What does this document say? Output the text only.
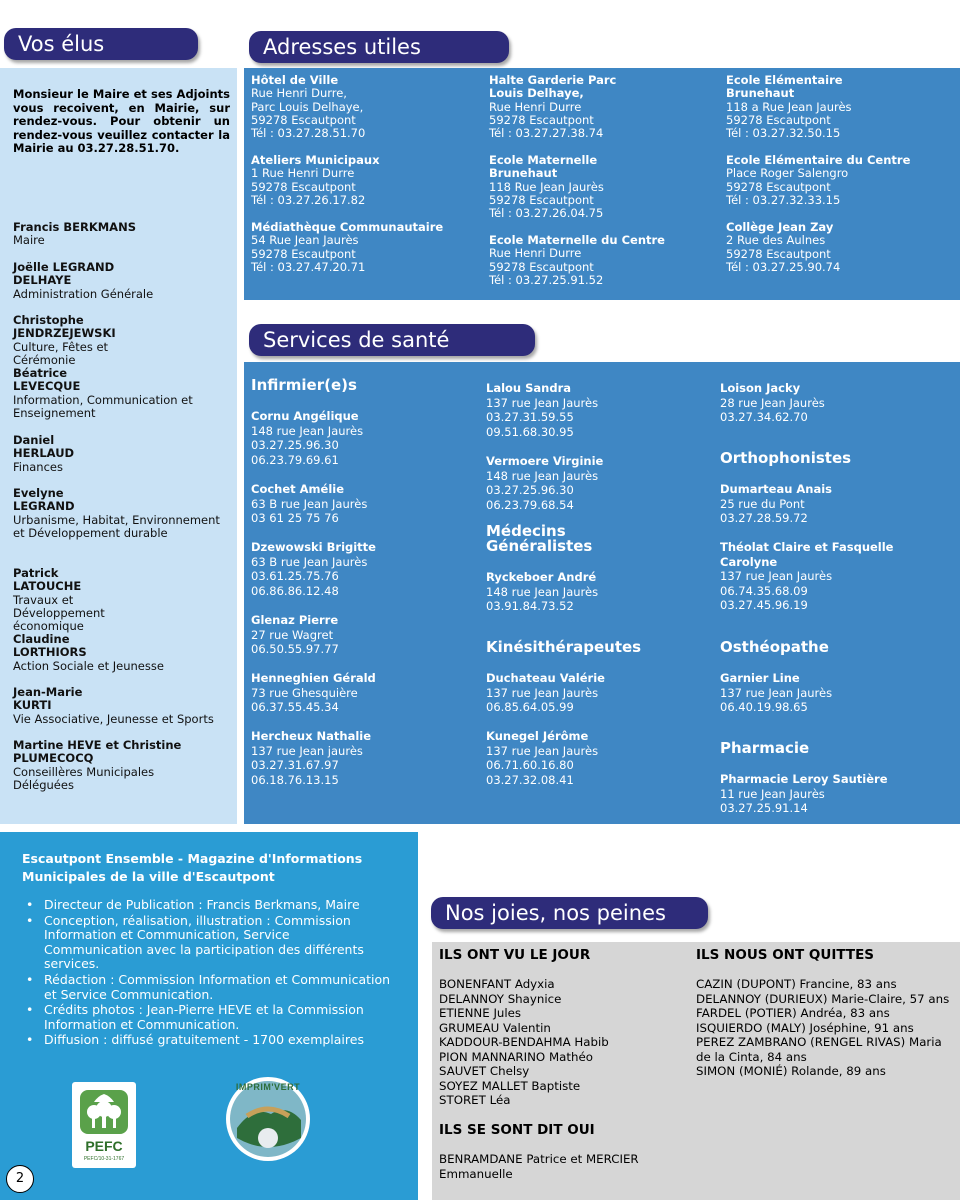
Vos élus	Adresses utiles
Services de santé
Nos joies, nos peines
Monsieur le Maire et ses Adjoints vous recoivent, en Mairie, sur rendez-vous. Pour obtenir un rendez-vous veuillez contacter la Mairie au 03.27.28.51.70.
Francis BERKMANS
Maire
Joëlle LEGRAND DELHAYE
Administration Générale
Christophe JENDRZEJEWSKI
Culture, Fêtes et Cérémonie
Béatrice LEVECQUE
Information, Communication et Enseignement
Daniel HERLAUD
Finances
Evelyne LEGRAND
Urbanisme, Habitat, Environnement et Développement durable
Patrick LATOUCHE
Travaux et Développement économique
Claudine LORTHIORS
Action Sociale et Jeunesse
Jean-Marie KURTI
Vie Associative, Jeunesse et Sports
Martine HEVE et Christine PLUMECOCQ
Conseillères Municipales Déléguées
Hôtel de Ville
Rue Henri Durre,
Parc Louis Delhaye,
59278 Escautpont
Tél : 03.27.28.51.70
Ateliers Municipaux
1 Rue Henri Durre
59278 Escautpont
Tél : 03.27.26.17.82
Médiathèque Communautaire
54 Rue Jean Jaurès
59278 Escautpont
Tél : 03.27.47.20.71
Halte Garderie Parc Louis Delhaye,
Rue Henri Durre
59278 Escautpont
Tél : 03.27.27.38.74
Ecole Maternelle Brunehaut
118 Rue Jean Jaurès
59278 Escautpont
Tél : 03.27.26.04.75
Ecole Maternelle du Centre
Rue Henri Durre
59278 Escautpont
Tél : 03.27.25.91.52
Ecole Elémentaire Brunehaut
118 a Rue Jean Jaurès
59278 Escautpont
Tél : 03.27.32.50.15
Ecole Elémentaire du Centre
Place Roger Salengro
59278 Escautpont
Tél : 03.27.32.33.15
Collège Jean Zay
2 Rue des Aulnes
59278 Escautpont
Tél : 03.27.25.90.74
Infirmier(e)s
Cornu Angélique
148 rue Jean Jaurès
03.27.25.96.30
06.23.79.69.61
Cochet Amélie
63 B rue Jean Jaurès
03 61 25 75 76
Dzewowski Brigitte
63 B rue Jean Jaurès
03.61.25.75.76
06.86.86.12.48
Glenaz Pierre
27 rue Wagret
06.50.55.97.77
Henneghien Gérald
73 rue Ghesquière
06.37.55.45.34
Hercheux Nathalie
137 rue Jean jaurès
03.27.31.67.97
06.18.76.13.15
Lalou Sandra
137 rue Jean Jaurès
03.27.31.59.55
09.51.68.30.95
Vermoere Virginie
148 rue Jean Jaurès
03.27.25.96.30
06.23.79.68.54
Médecins Généralistes
Ryckeboer André
148 rue Jean Jaurès
03.91.84.73.52
Kinésithérapeutes
Duchateau Valérie
137 rue Jean Jaurès
06.85.64.05.99
Kunegel Jérôme
137 rue Jean Jaurès
06.71.60.16.80
03.27.32.08.41
Loison Jacky
28 rue Jean Jaurès
03.27.34.62.70
Orthophonistes
Dumarteau Anais
25 rue du Pont
03.27.28.59.72
Théolat Claire et Fasquelle Carolyne
137 rue Jean Jaurès
06.74.35.68.09
03.27.45.96.19
Osthéopathe
Garnier Line
137 rue Jean Jaurès
06.40.19.98.65
Pharmacie
Pharmacie Leroy Sautière
11 rue Jean Jaurès
03.27.25.91.14
Escautpont Ensemble - Magazine d'Informations Municipales de la ville d'Escautpont
• Directeur de Publication : Francis Berkmans, Maire
• Conception, réalisation, illustration : Commission Information et Communication, Service Communication avec la participation des différents services.
• Rédaction : Commission Information et Communication et Service Communication.
• Crédits photos : Jean-Pierre HEVE et la Commission Information et Communication.
• Diffusion : diffusé gratuitement - 1700 exemplaires
PEFC
PEFC/10-31-1767
IMPRIM'VERT
ILS ONT VU LE JOUR
BONENFANT Adyxia
DELANNOY Shaynice
ETIENNE Jules
GRUMEAU Valentin
KADDOUR-BENDAHMA Habib
PION MANNARINO Mathéo
SAUVET Chelsy
SOYEZ MALLET Baptiste
STORET Léa
ILS SE SONT DIT OUI
BENRAMDANE Patrice et MERCIER
Emmanuelle
ILS NOUS ONT QUITTES
CAZIN (DUPONT) Francine, 83 ans
DELANNOY (DURIEUX) Marie-Claire, 57 ans
FARDEL (POTIER) Andréa, 83 ans
ISQUIERDO (MALY) Joséphine, 91 ans
PEREZ ZAMBRANO (RENGEL RIVAS) Maria
de la Cinta, 84 ans
SIMON (MONIÉ) Rolande, 89 ans
2
